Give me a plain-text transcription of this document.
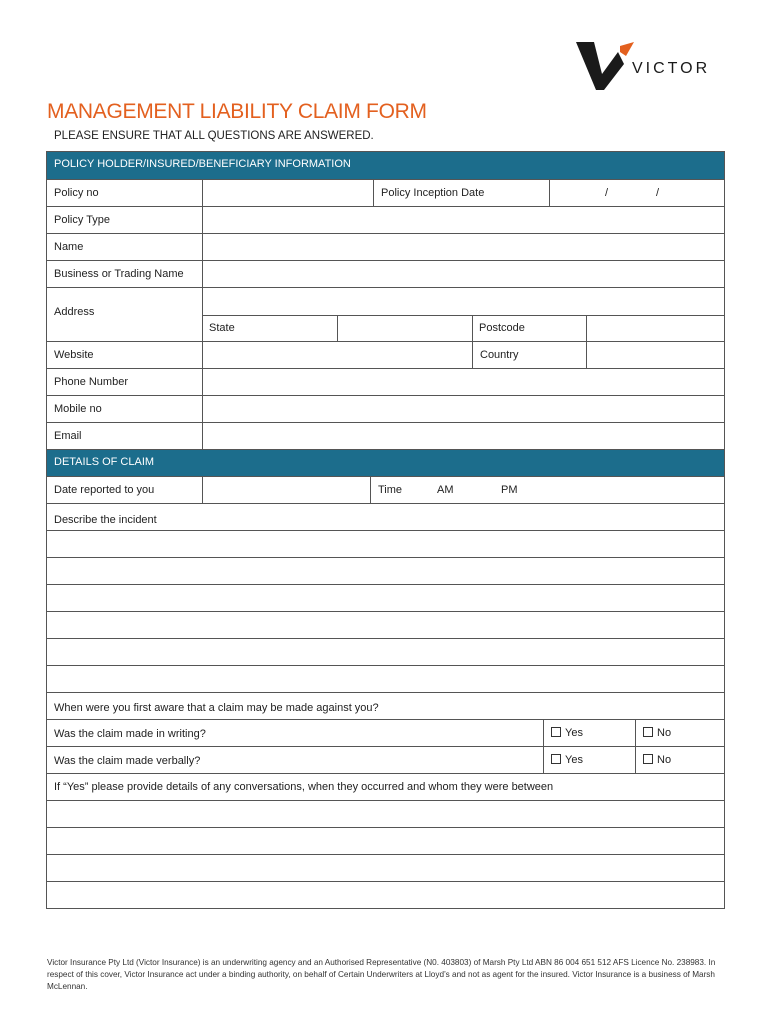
VICTOR
MANAGEMENT LIABILITY CLAIM FORM
PLEASE ENSURE THAT ALL QUESTIONS ARE ANSWERED.
POLICY HOLDER/INSURED/BENEFICIARY INFORMATION
Policy no	Policy Inception Date	/	/
Policy Type
Name
Business or Trading Name
Address
State	Postcode
Website	Country
Phone Number
Mobile no
Email
DETAILS OF CLAIM
Date reported to you	Time	AM	PM
Describe the incident
When were you first aware that a claim may be made against you?
Was the claim made in writing?	Yes	No
Was the claim made verbally?	Yes	No
If “Yes” please provide details of any conversations, when they occurred and whom they were between
Victor Insurance Pty Ltd (Victor Insurance) is an underwriting agency and an Authorised Representative (N0. 403803) of Marsh Pty Ltd ABN 86 004 651 512 AFS Licence No. 238983. In respect of this cover, Victor Insurance act under a binding authority, on behalf of Certain Underwriters at Lloyd’s and not as agent for the insured. Victor Insurance is a business of Marsh McLennan.
